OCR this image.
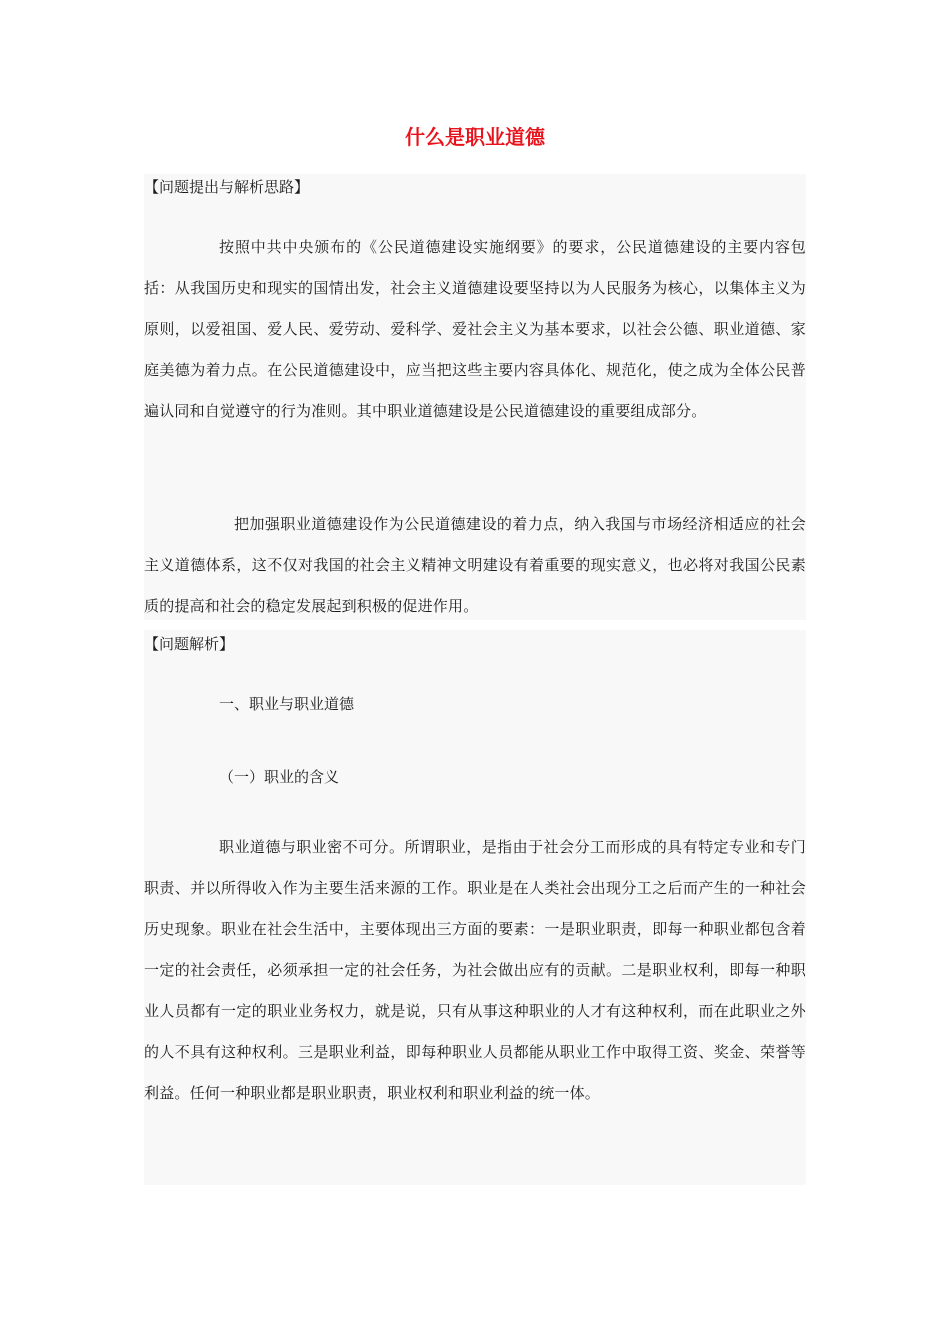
什么是职业道德
【问题提出与解析思路】

按照中共中央颁布的《公民道德建设实施纲要》的要求，公民道德建设的主要内容包括：从我国历史和现实的国情出发，社会主义道德建设要坚持以为人民服务为核心，以集体主义为原则，以爱祖国、爱人民、爱劳动、爱科学、爱社会主义为基本要求，以社会公德、职业道德、家庭美德为着力点。在公民道德建设中，应当把这些主要内容具体化、规范化，使之成为全体公民普遍认同和自觉遵守的行为准则。其中职业道德建设是公民道德建设的重要组成部分。

把加强职业道德建设作为公民道德建设的着力点，纳入我国与市场经济相适应的社会主义道德体系，这不仅对我国的社会主义精神文明建设有着重要的现实意义，也必将对我国公民素质的提高和社会的稳定发展起到积极的促进作用。

【问题解析】
一、职业与职业道德
（一）职业的含义

职业道德与职业密不可分。所谓职业，是指由于社会分工而形成的具有特定专业和专门职责、并以所得收入作为主要生活来源的工作。职业是在人类社会出现分工之后而产生的一种社会历史现象。职业在社会生活中，主要体现出三方面的要素：一是职业职责，即每一种职业都包含着一定的社会责任，必须承担一定的社会任务，为社会做出应有的贡献。二是职业权利，即每一种职业人员都有一定的职业业务权力，就是说，只有从事这种职业的人才有这种权利，而在此职业之外的人不具有这种权利。三是职业利益，即每种职业人员都能从职业工作中取得工资、奖金、荣誉等利益。任何一种职业都是职业职责，职业权利和职业利益的统一体。
